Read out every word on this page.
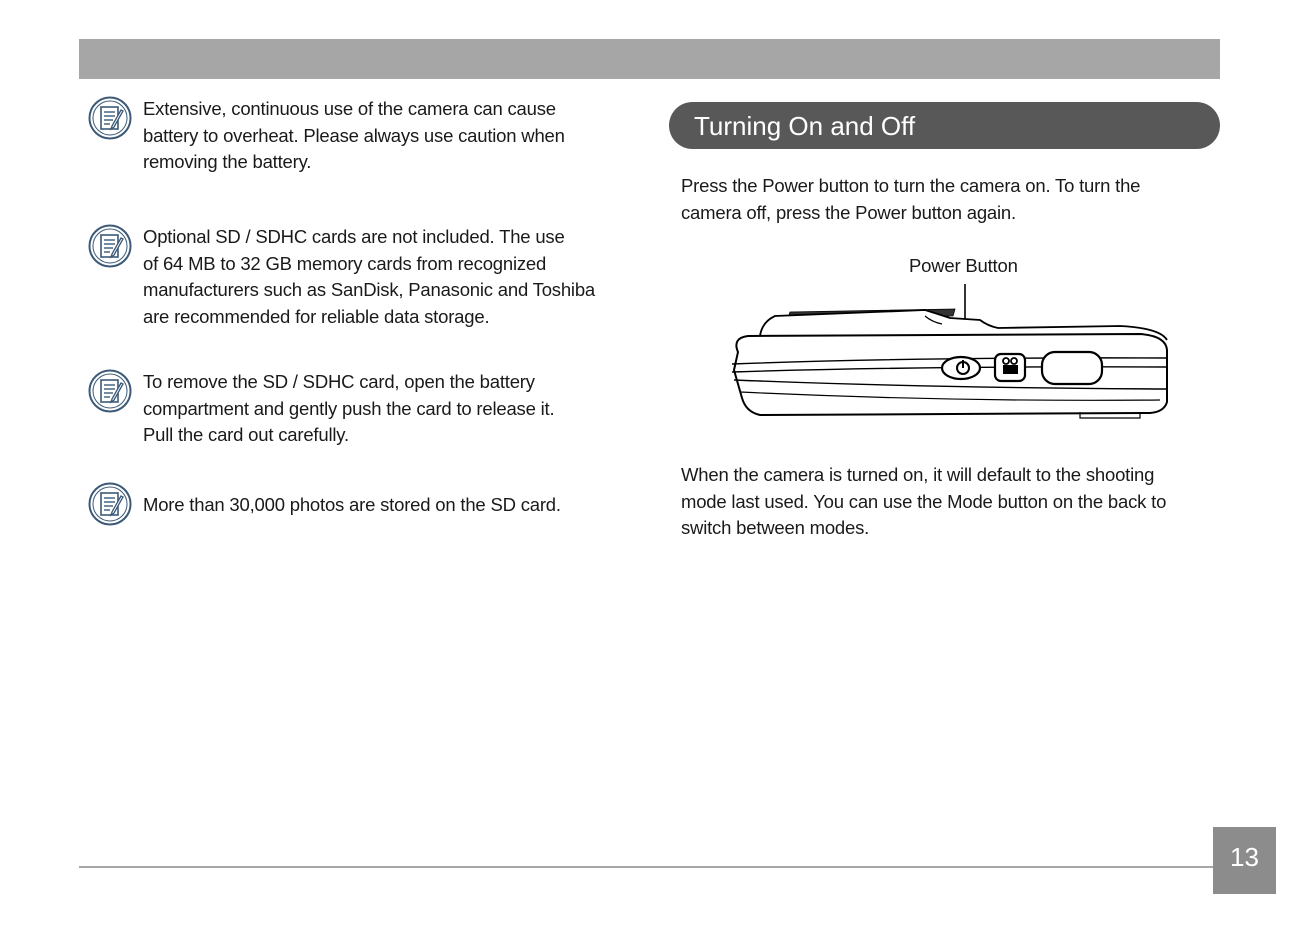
Extensive, continuous use of the camera can cause
battery to overheat. Please always use caution when
removing the battery.
Optional SD / SDHC cards are not included. The use
of 64 MB to 32 GB memory cards from recognized
manufacturers such as SanDisk, Panasonic and Toshiba
are recommended for reliable data storage.
To remove the SD / SDHC card, open the battery
compartment and gently push the card to release it.
Pull the card out carefully.
More than 30,000 photos are stored on the SD card.
Turning On and Off
Press the Power button to turn the camera on. To turn the
camera off, press the Power button again.
Power Button
When the camera is turned on, it will default to the shooting
mode last used. You can use the Mode button on the back to
switch between modes.
13
